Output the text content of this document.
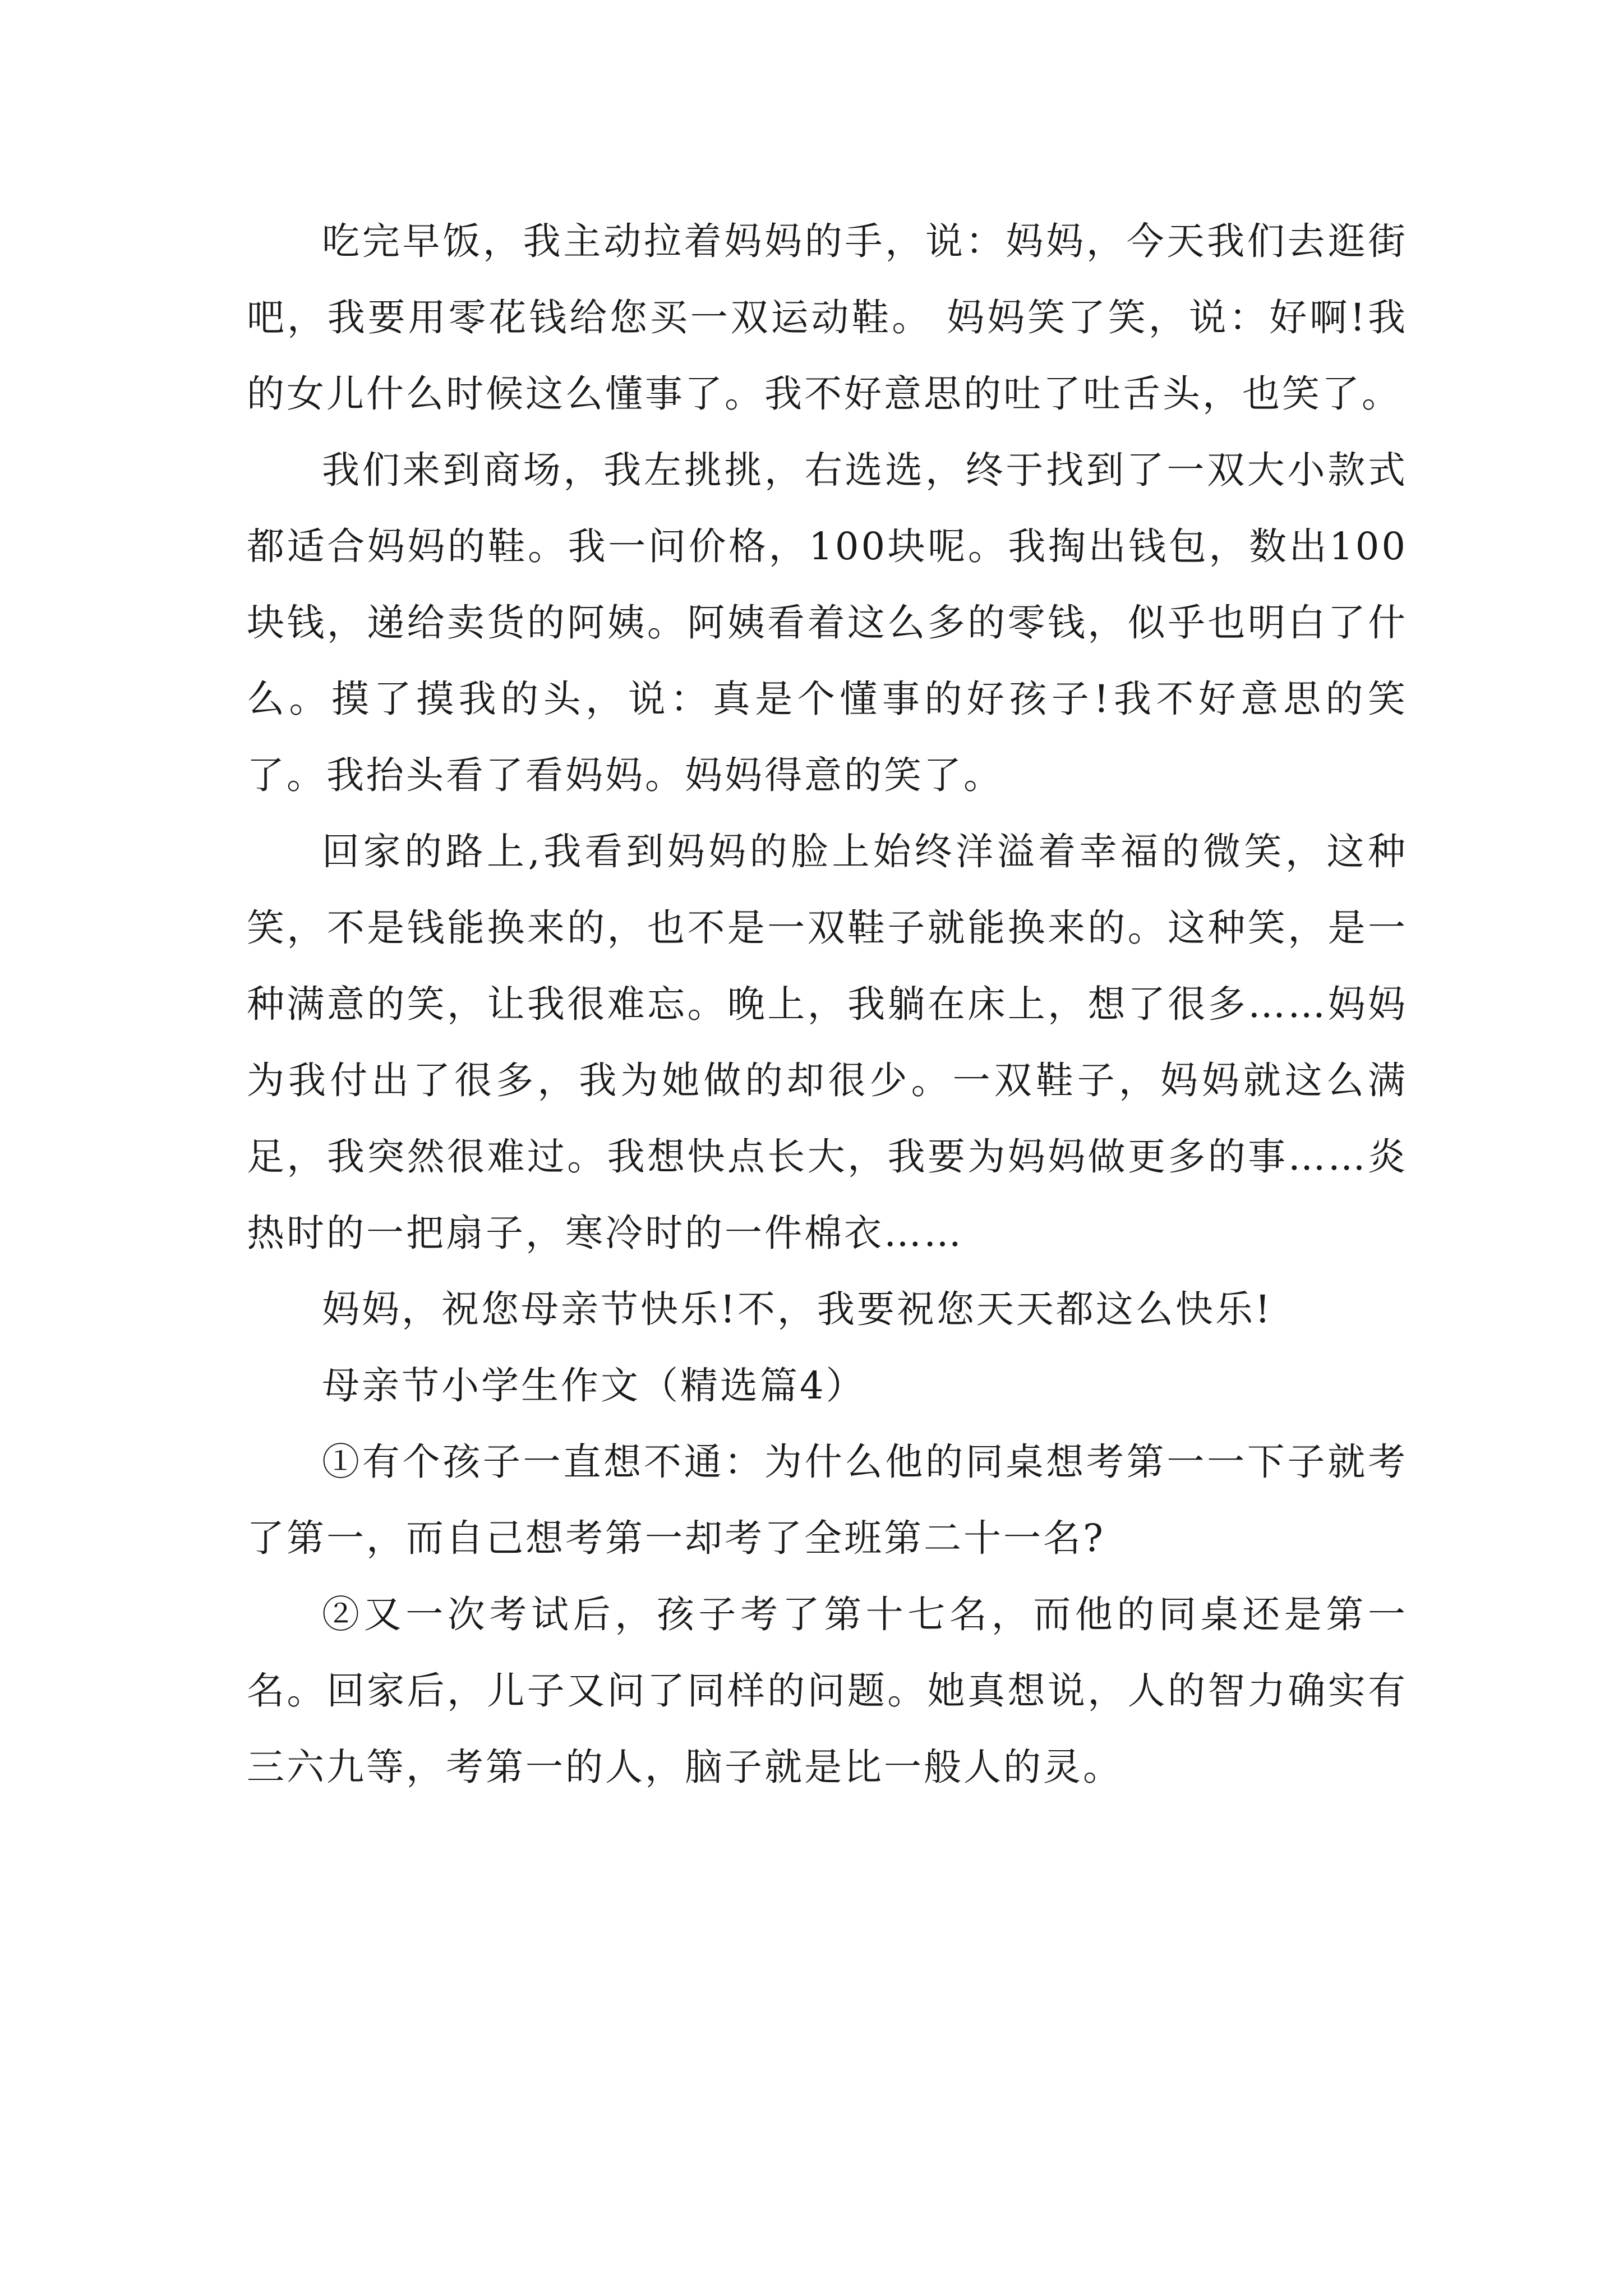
吃完早饭，我主动拉着妈妈的手，说：妈妈，今天我们去逛街吧，我要用零花钱给您买一双运动鞋。 妈妈笑了笑，说：好啊!我的女儿什么时候这么懂事了。我不好意思的吐了吐舌头，也笑了。

我们来到商场，我左挑挑，右选选，终于找到了一双大小款式都适合妈妈的鞋。我一问价格，100块呢。我掏出钱包，数出100块钱，递给卖货的阿姨。阿姨看着这么多的零钱，似乎也明白了什么。摸了摸我的头，说：真是个懂事的好孩子!我不好意思的笑了。我抬头看了看妈妈。妈妈得意的笑了。

回家的路上,我看到妈妈的脸上始终洋溢着幸福的微笑，这种笑，不是钱能换来的，也不是一双鞋子就能换来的。这种笑，是一种满意的笑，让我很难忘。晚上，我躺在床上，想了很多……妈妈为我付出了很多，我为她做的却很少。一双鞋子，妈妈就这么满足，我突然很难过。我想快点长大，我要为妈妈做更多的事……炎热时的一把扇子，寒冷时的一件棉衣……

妈妈，祝您母亲节快乐!不，我要祝您天天都这么快乐!

母亲节小学生作文（精选篇4）

①有个孩子一直想不通：为什么他的同桌想考第一一下子就考了第一，而自己想考第一却考了全班第二十一名?

②又一次考试后，孩子考了第十七名，而他的同桌还是第一名。回家后，儿子又问了同样的问题。她真想说，人的智力确实有三六九等，考第一的人，脑子就是比一般人的灵。
